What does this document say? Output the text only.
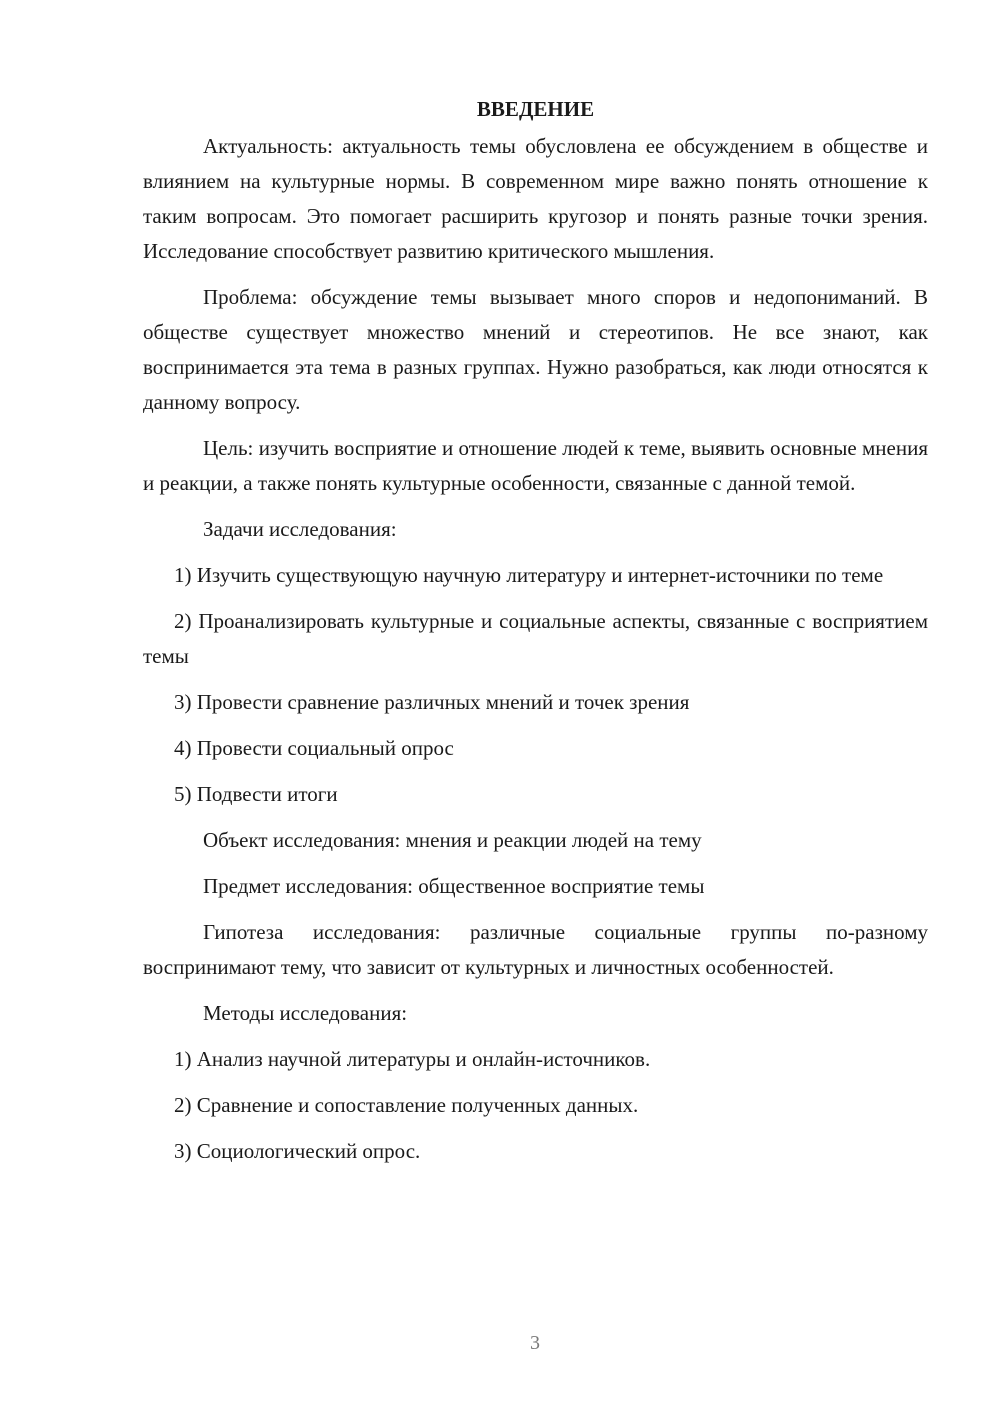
ВВЕДЕНИЕ

Актуальность: актуальность темы обусловлена ее обсуждением в обществе и влиянием на культурные нормы. В современном мире важно понять отношение к таким вопросам. Это помогает расширить кругозор и понять разные точки зрения. Исследование способствует развитию критического мышления.

Проблема: обсуждение темы вызывает много споров и недопониманий. В обществе существует множество мнений и стереотипов. Не все знают, как воспринимается эта тема в разных группах. Нужно разобраться, как люди относятся к данному вопросу.

Цель: изучить восприятие и отношение людей к теме, выявить основные мнения и реакции, а также понять культурные особенности, связанные с данной темой.

Задачи исследования:

1) Изучить существующую научную литературу и интернет-источники по теме

2) Проанализировать культурные и социальные аспекты, связанные с восприятием темы

3) Провести сравнение различных мнений и точек зрения

4) Провести социальный опрос

5) Подвести итоги

Объект исследования: мнения и реакции людей на тему

Предмет исследования: общественное восприятие темы

Гипотеза исследования: различные социальные группы по-разному воспринимают тему, что зависит от культурных и личностных особенностей.

Методы исследования:

1) Анализ научной литературы и онлайн-источников.

2) Сравнение и сопоставление полученных данных.

3) Социологический опрос.

3
